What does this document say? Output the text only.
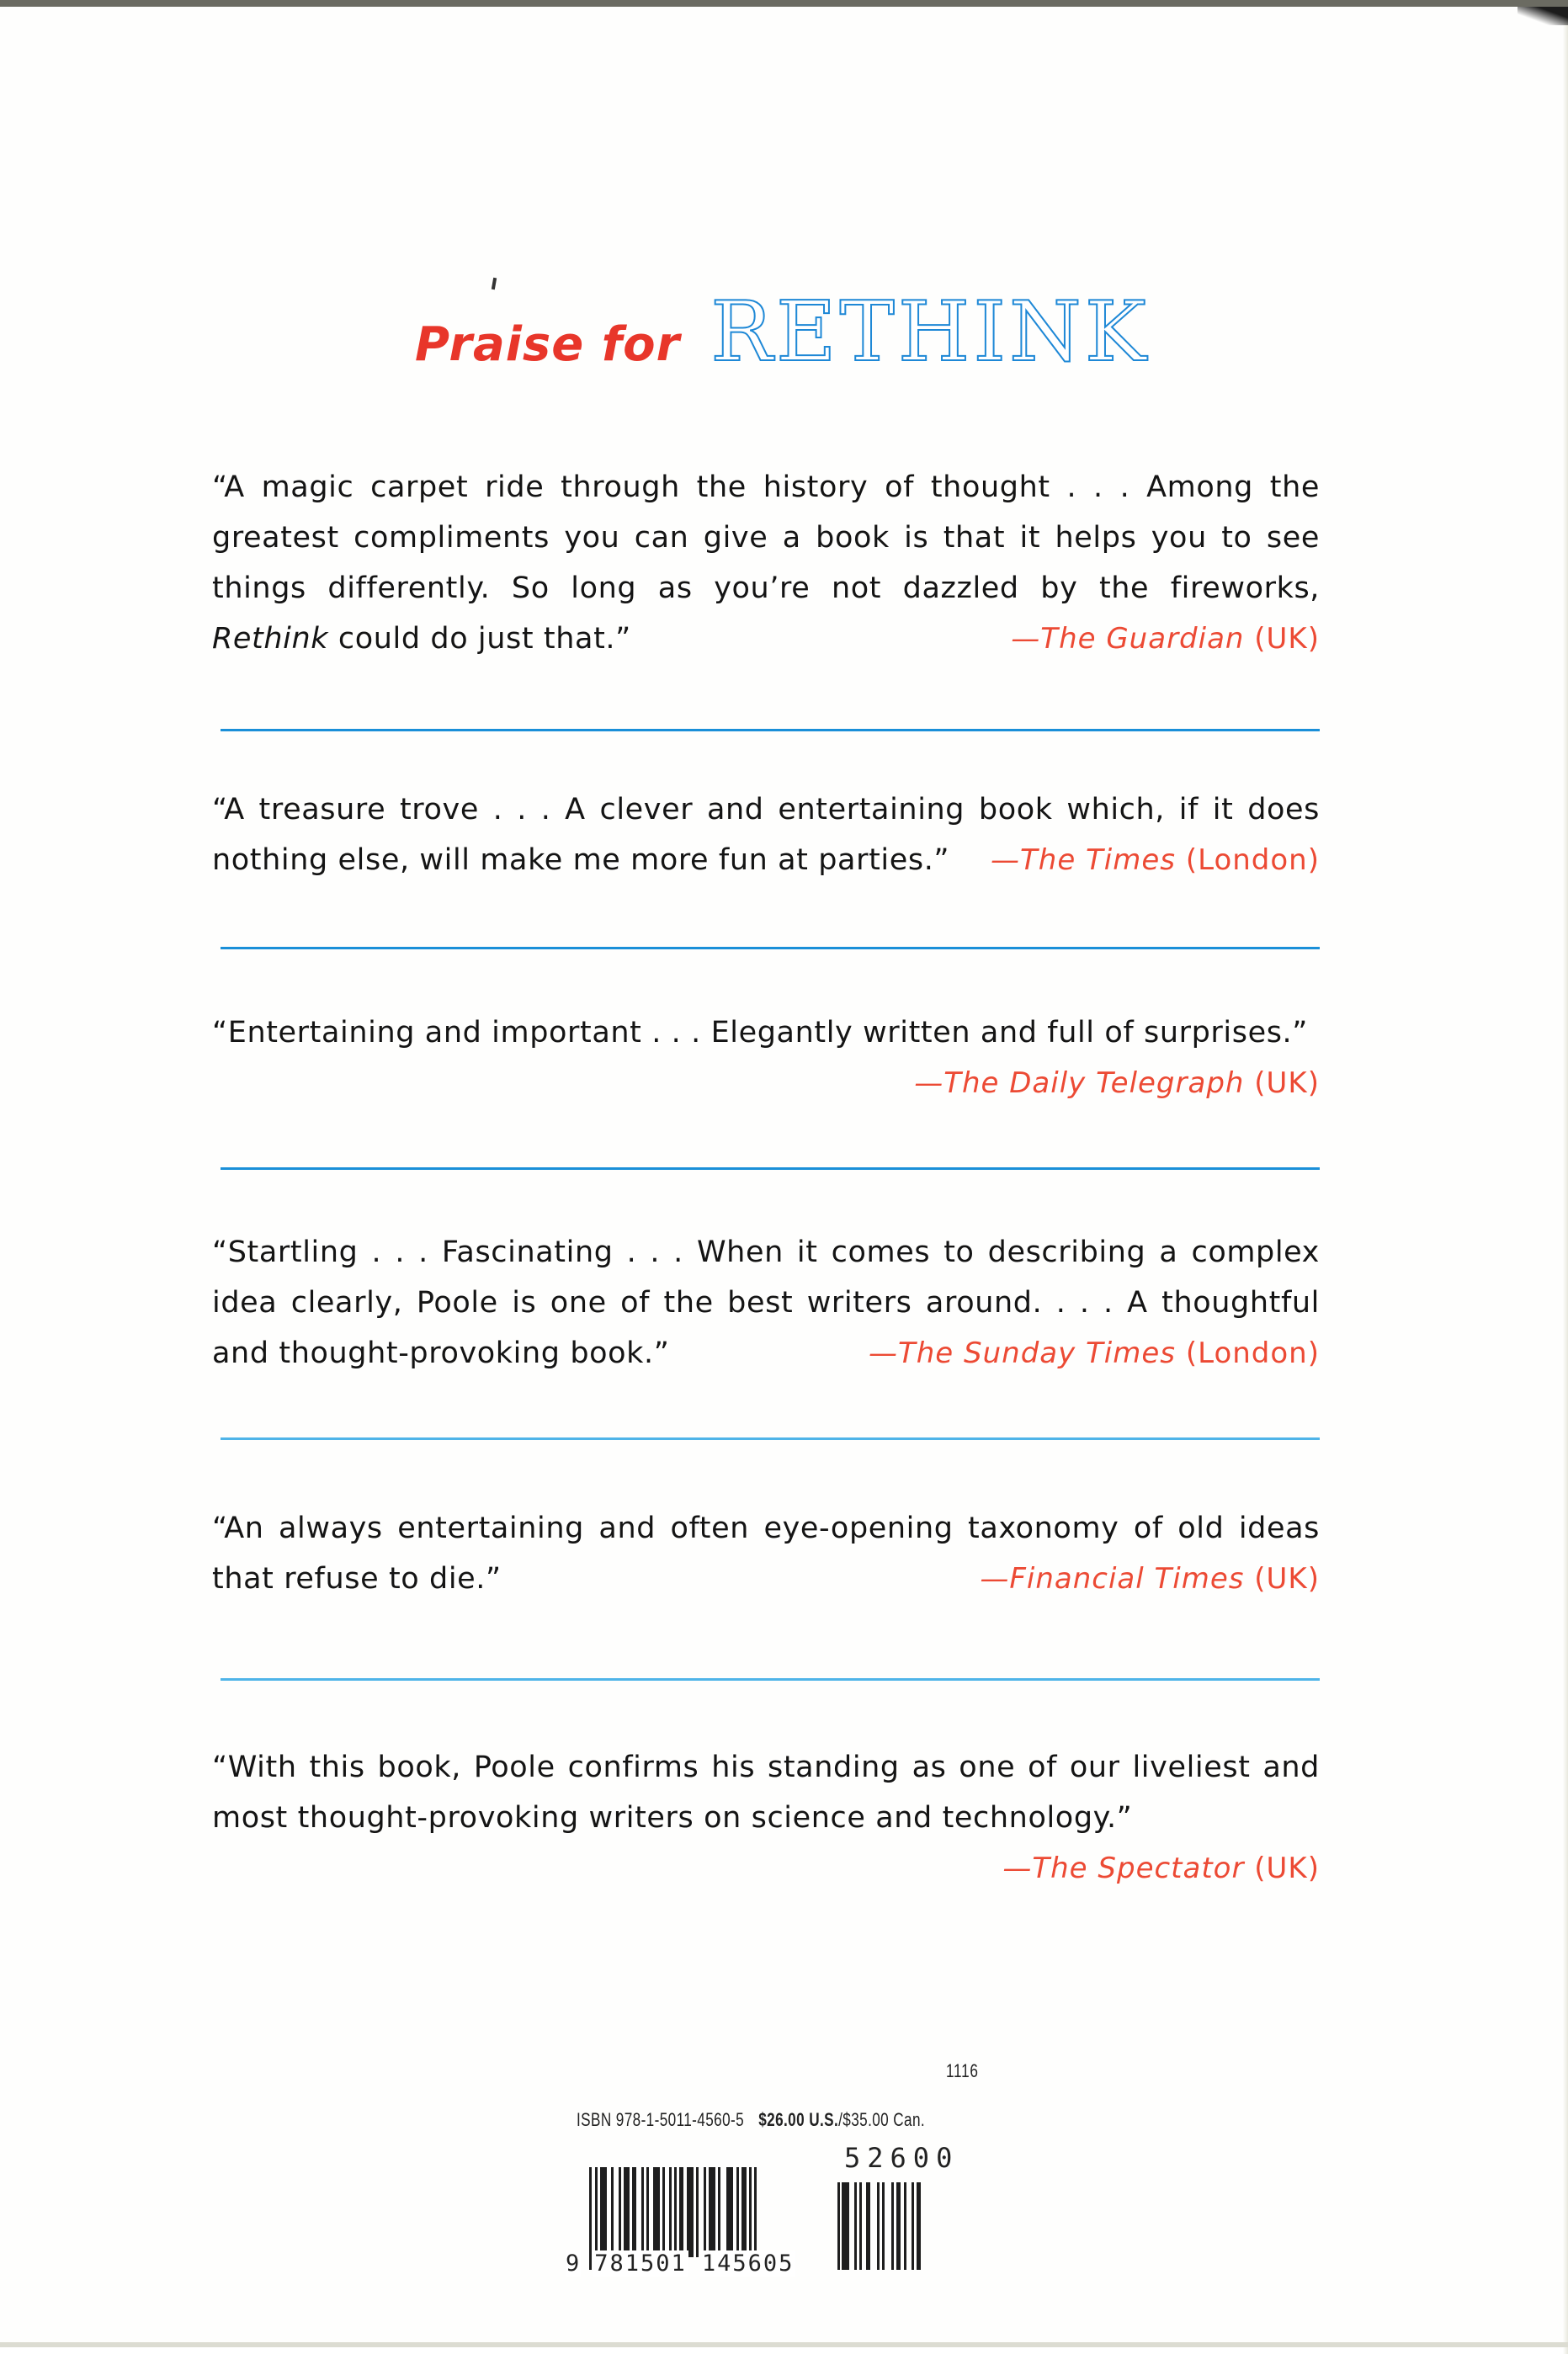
Praise for RETHINK

“A magic carpet ride through the history of thought . . . Among the greatest compliments you can give a book is that it helps you to see things differently. So long as you’re not dazzled by the fireworks, Rethink could do just that.”	—The Guardian (UK)

“A treasure trove . . . A clever and entertaining book which, if it does nothing else, will make me more fun at parties.” —The Times (London)

“Entertaining and important . . . Elegantly written and full of surprises.”

—The Daily Telegraph (UK)

“Startling . . . Fascinating . . . When it comes to describing a complex idea clearly, Poole is one of the best writers around. . . . A thoughtful and thought-provoking book.”	—The Sunday Times (London)

“An always entertaining and often eye-opening taxonomy of old ideas that refuse to die.”	—Financial Times (UK)

“With this book, Poole confirms his standing as one of our liveliest and most thought-provoking writers on science and technology.”

—The Spectator (UK)
1116
ISBN 978-1-5011-4560-5 $26.00 U.S./$35.00 Can.
52600
9 781501 145605
